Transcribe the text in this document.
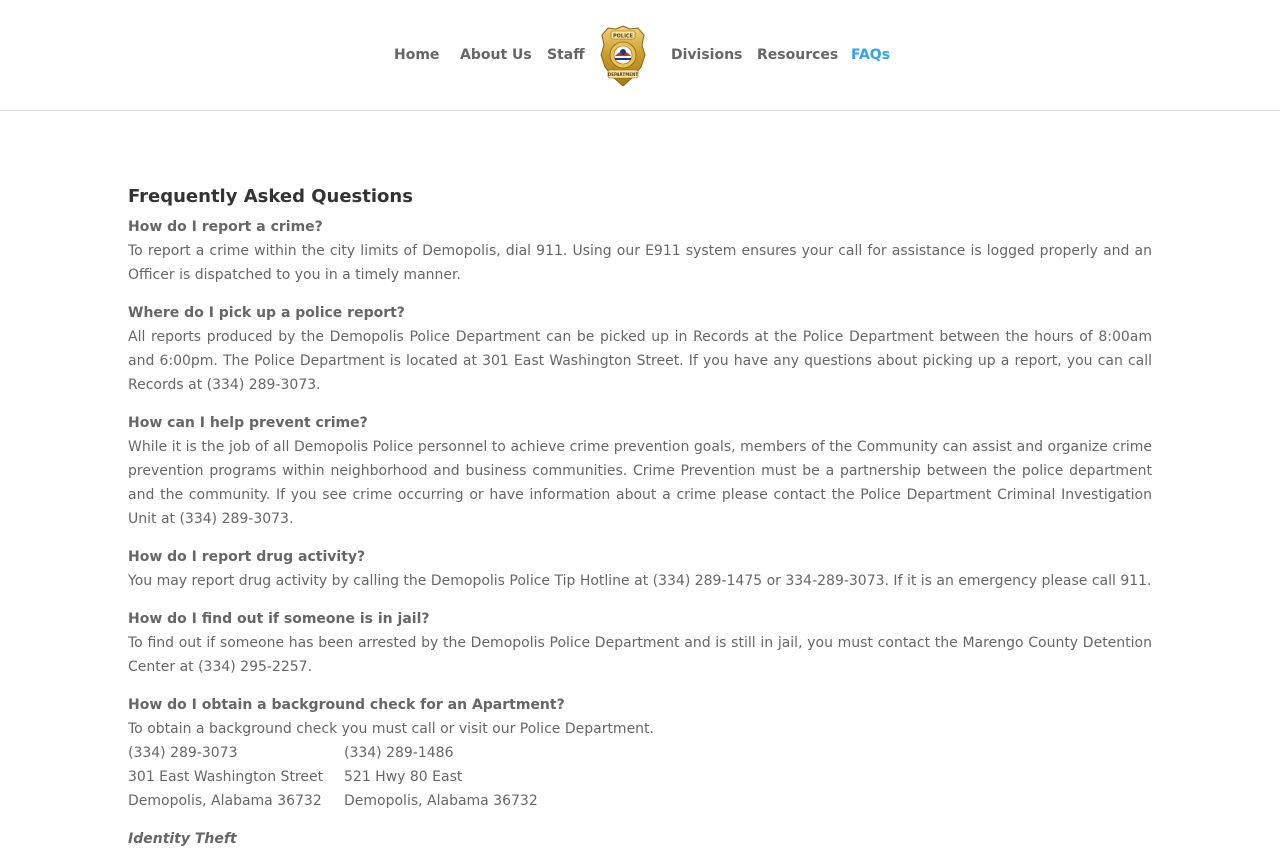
Home About Us Staff
POLICE
DEPARTMENT
Divisions Resources FAQs
Frequently Asked Questions

How do I report a crime?

To report a crime within the city limits of Demopolis, dial 911. Using our E911 system ensures your call for assistance is logged properly and an Officer is dispatched to you in a timely manner.

Where do I pick up a police report?

All reports produced by the Demopolis Police Department can be picked up in Records at the Police Department between the hours of 8:00am and 6:00pm. The Police Department is located at 301 East Washington Street. If you have any questions about picking up a report, you can call Records at (334) 289-3073.

How can I help prevent crime?

While it is the job of all Demopolis Police personnel to achieve crime prevention goals, members of the Community can assist and organize crime prevention programs within neighborhood and business communities. Crime Prevention must be a partnership between the police department and the community. If you see crime occurring or have information about a crime please contact the Police Department Criminal Investigation Unit at (334) 289-3073.

How do I report drug activity?

You may report drug activity by calling the Demopolis Police Tip Hotline at (334) 289-1475 or 334-289-3073. If it is an emergency please call 911.

How do I find out if someone is in jail?

To find out if someone has been arrested by the Demopolis Police Department and is still in jail, you must contact the Marengo County Detention Center at (334) 295-2257.

How do I obtain a background check for an Apartment?

To obtain a background check you must call or visit our Police Department.
(334) 289-3073	(334) 289-1486
301 East Washington Street	521 Hwy 80 East
Demopolis, Alabama 36732	Demopolis, Alabama 36732
Identity Theft
